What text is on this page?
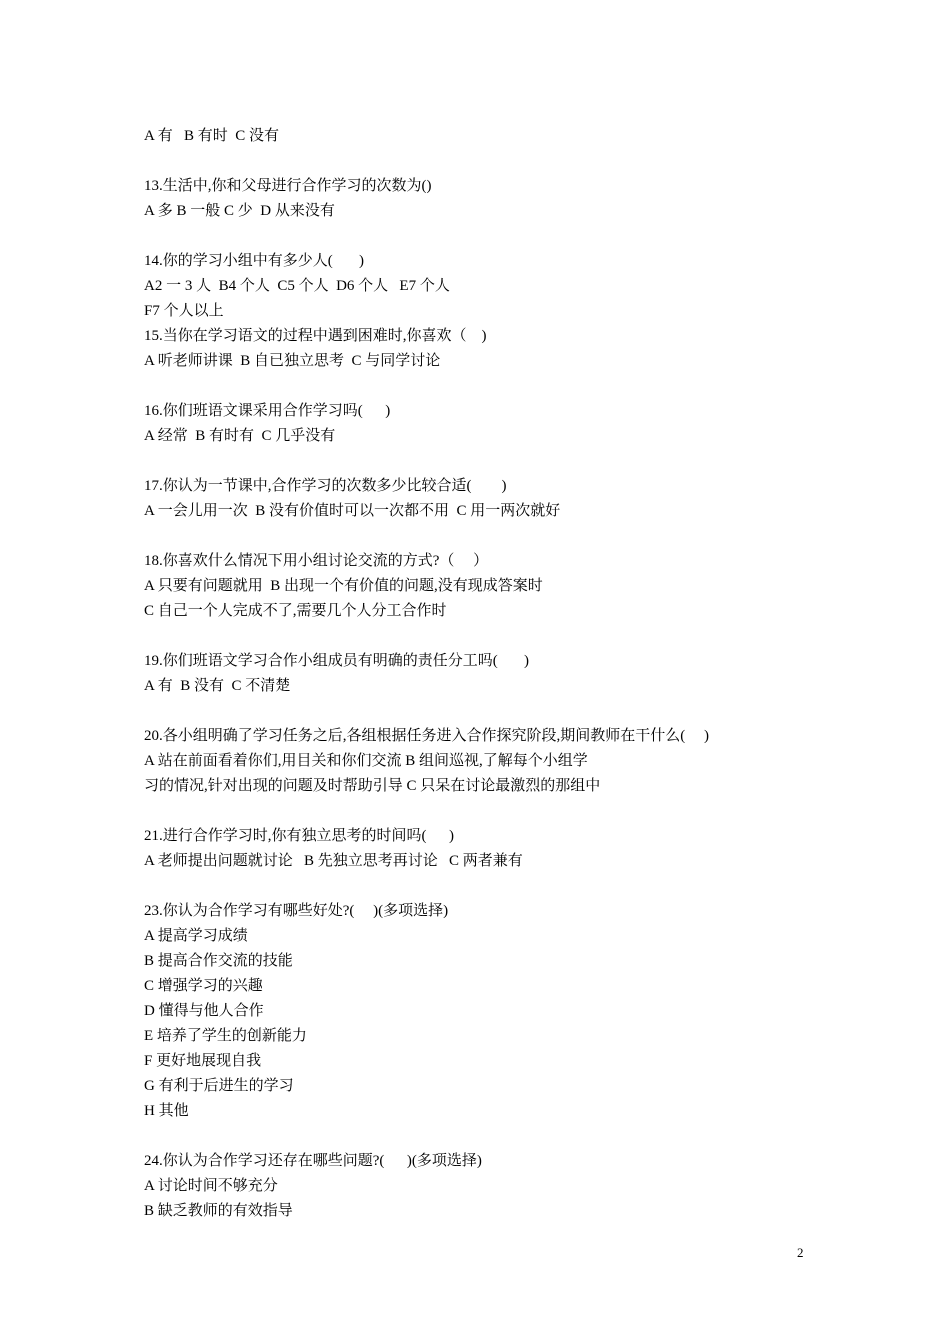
A 有   B 有时  C 没有
13.生活中,你和父母进行合作学习的次数为()
A 多 B 一般 C 少  D 从来没有
14.你的学习小组中有多少人(       )
A2 一 3 人  B4 个人  C5 个人  D6 个人   E7 个人
F7 个人以上
15.当你在学习语文的过程中遇到困难时,你喜欢（    )
A 听老师讲课  B 自已独立思考  C 与同学讨论
16.你们班语文课采用合作学习吗(      )
A 经常  B 有时有  C 几乎没有
17.你认为一节课中,合作学习的次数多少比较合适(        )
A 一会儿用一次  B 没有价值时可以一次都不用  C 用一两次就好
18.你喜欢什么情况下用小组讨论交流的方式?（     ）
A 只要有问题就用  B 出现一个有价值的问题,没有现成答案时
C 自己一个人完成不了,需要几个人分工合作时
19.你们班语文学习合作小组成员有明确的责任分工吗(       )
A 有  B 没有  C 不清楚
20.各小组明确了学习任务之后,各组根据任务进入合作探究阶段,期间教师在干什么(     )
A 站在前面看着你们,用目关和你们交流 B 组间巡视,了解每个小组学
习的情况,针对出现的问题及时帮助引导 C 只呆在讨论最激烈的那组中
21.进行合作学习时,你有独立思考的时间吗(      )
A 老师提出问题就讨论   B 先独立思考再讨论   C 两者兼有
23.你认为合作学习有哪些好处?(     )(多项选择)
A 提高学习成绩
B 提高合作交流的技能
C 增强学习的兴趣
D 懂得与他人合作
E 培养了学生的创新能力
F 更好地展现自我
G 有利于后进生的学习
H 其他
24.你认为合作学习还存在哪些问题?(      )(多项选择)
A 讨论时间不够充分
B 缺乏教师的有效指导
2
